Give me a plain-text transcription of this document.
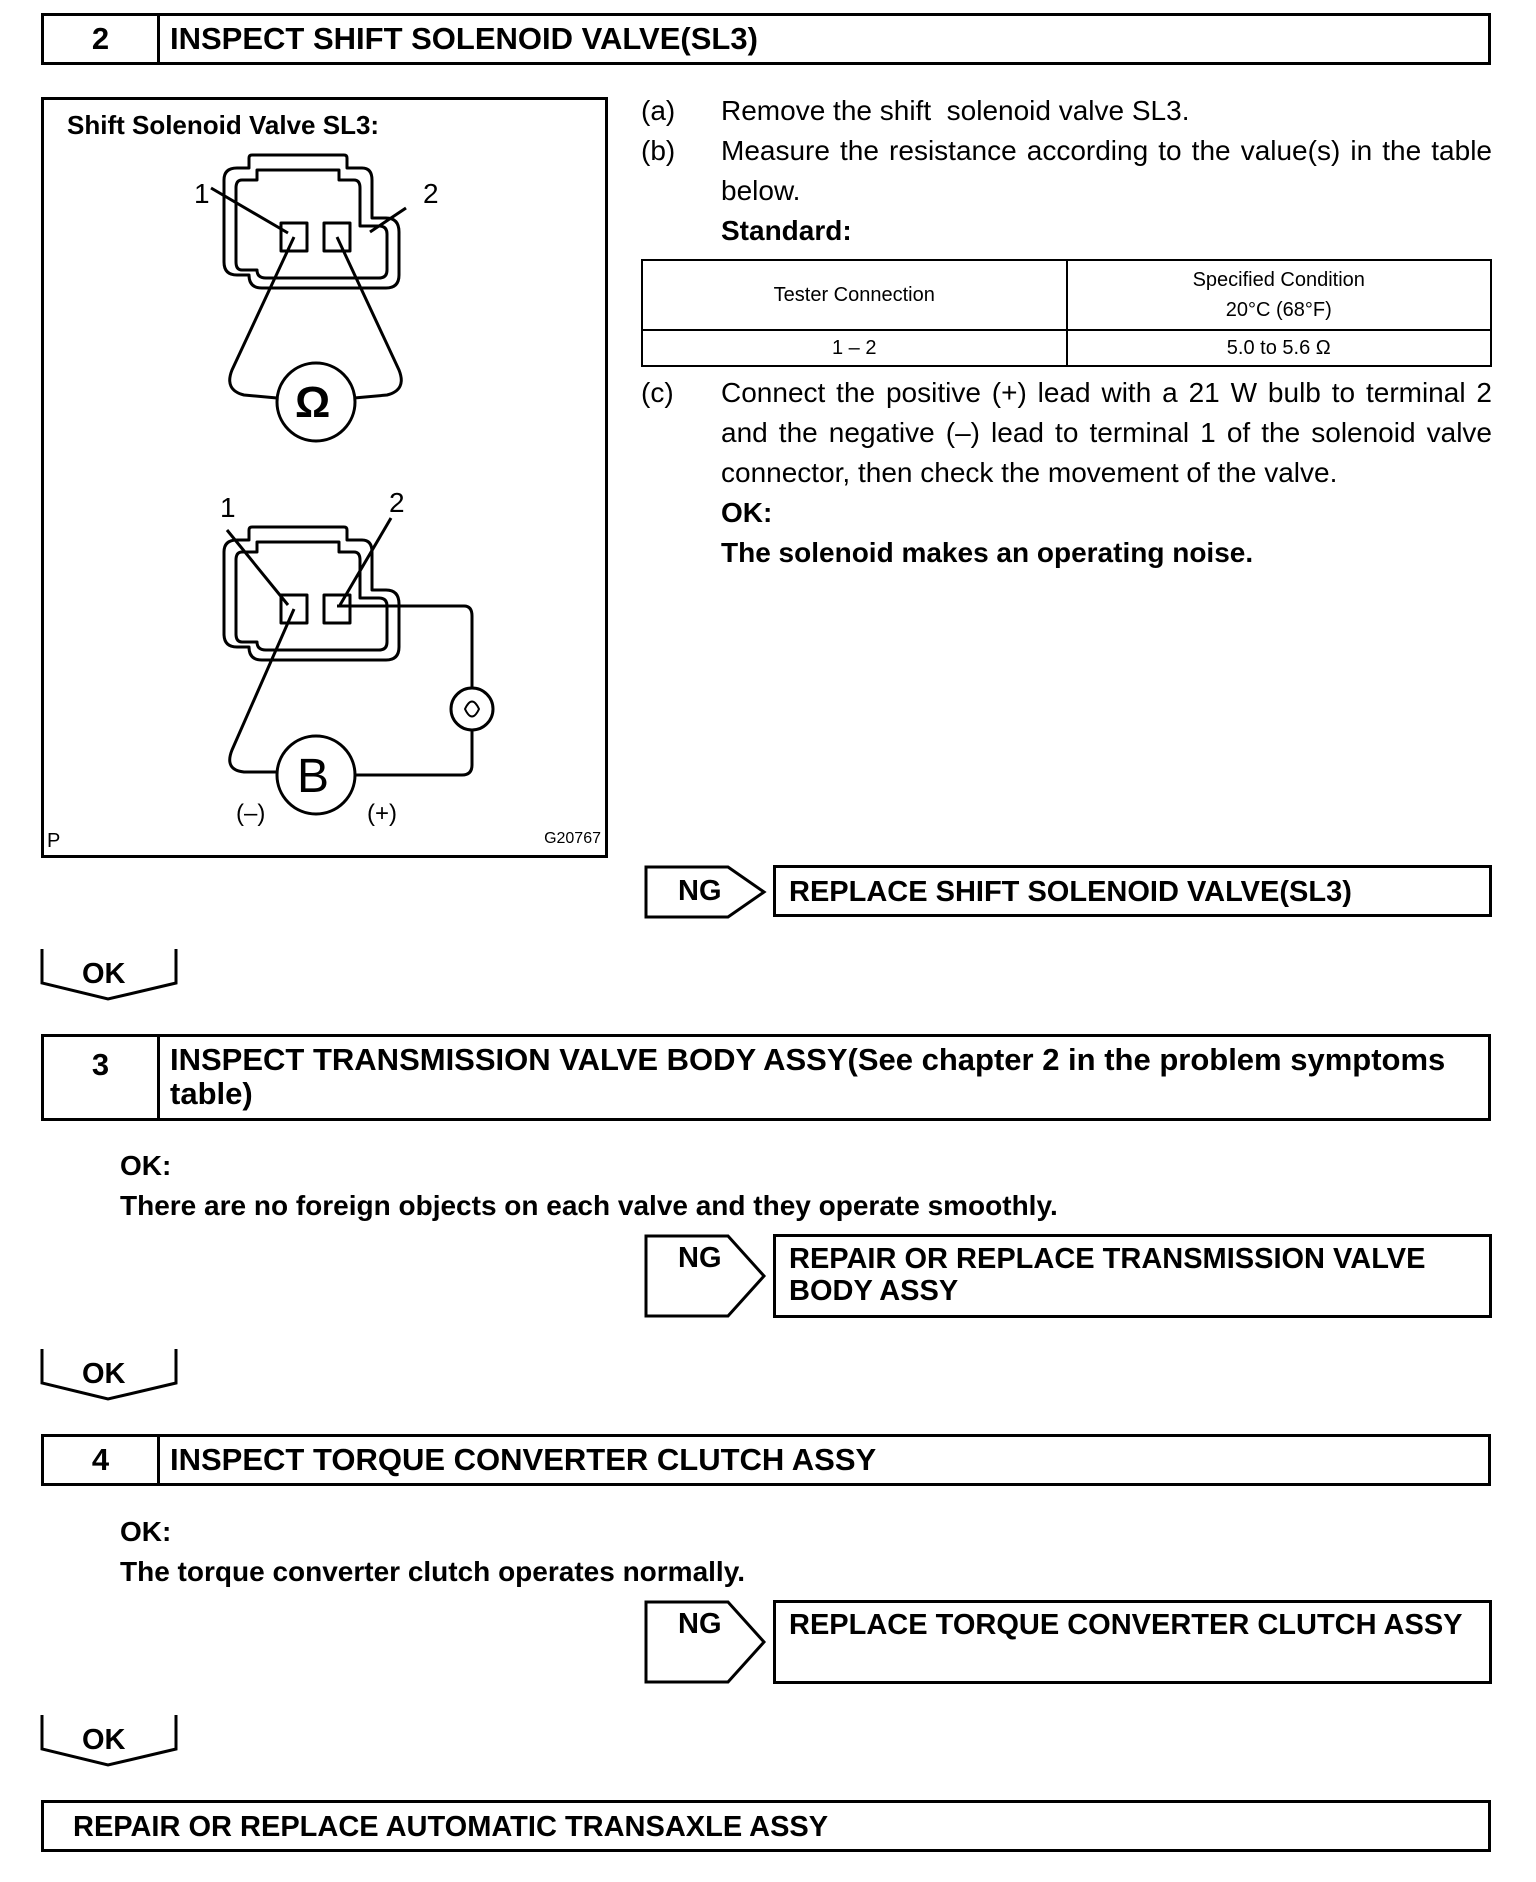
2	INSPECT SHIFT SOLENOID VALVE(SL3)
Shift Solenoid Valve SL3:
1	2
Ω
1	2
B
(–)	(+)
P	G20767
(a) Remove the shift  solenoid valve SL3.
(b) Measure the resistance according to the value(s) in the table below.
Standard:
Tester Connection	Specified Condition
20°C (68°F)

1 – 2	5.0 to 5.6 Ω
(c) Connect the positive (+) lead with a 21 W bulb to terminal 2 and the negative (–) lead to terminal 1 of the solenoid valve connector, then check the movement of the valve.
OK:
The solenoid makes an operating noise.
NG REPLACE SHIFT SOLENOID VALVE(SL3)
OK
3	INSPECT TRANSMISSION VALVE BODY ASSY(See chapter 2 in the problem symptoms table)
OK:
There are no foreign objects on each valve and they operate smoothly.
NG REPAIR OR REPLACE TRANSMISSION VALVE BODY ASSY
OK
4	INSPECT TORQUE CONVERTER CLUTCH ASSY
OK:
The torque converter clutch operates normally.
NG REPLACE TORQUE CONVERTER CLUTCH ASSY
OK
REPAIR OR REPLACE AUTOMATIC TRANSAXLE ASSY
